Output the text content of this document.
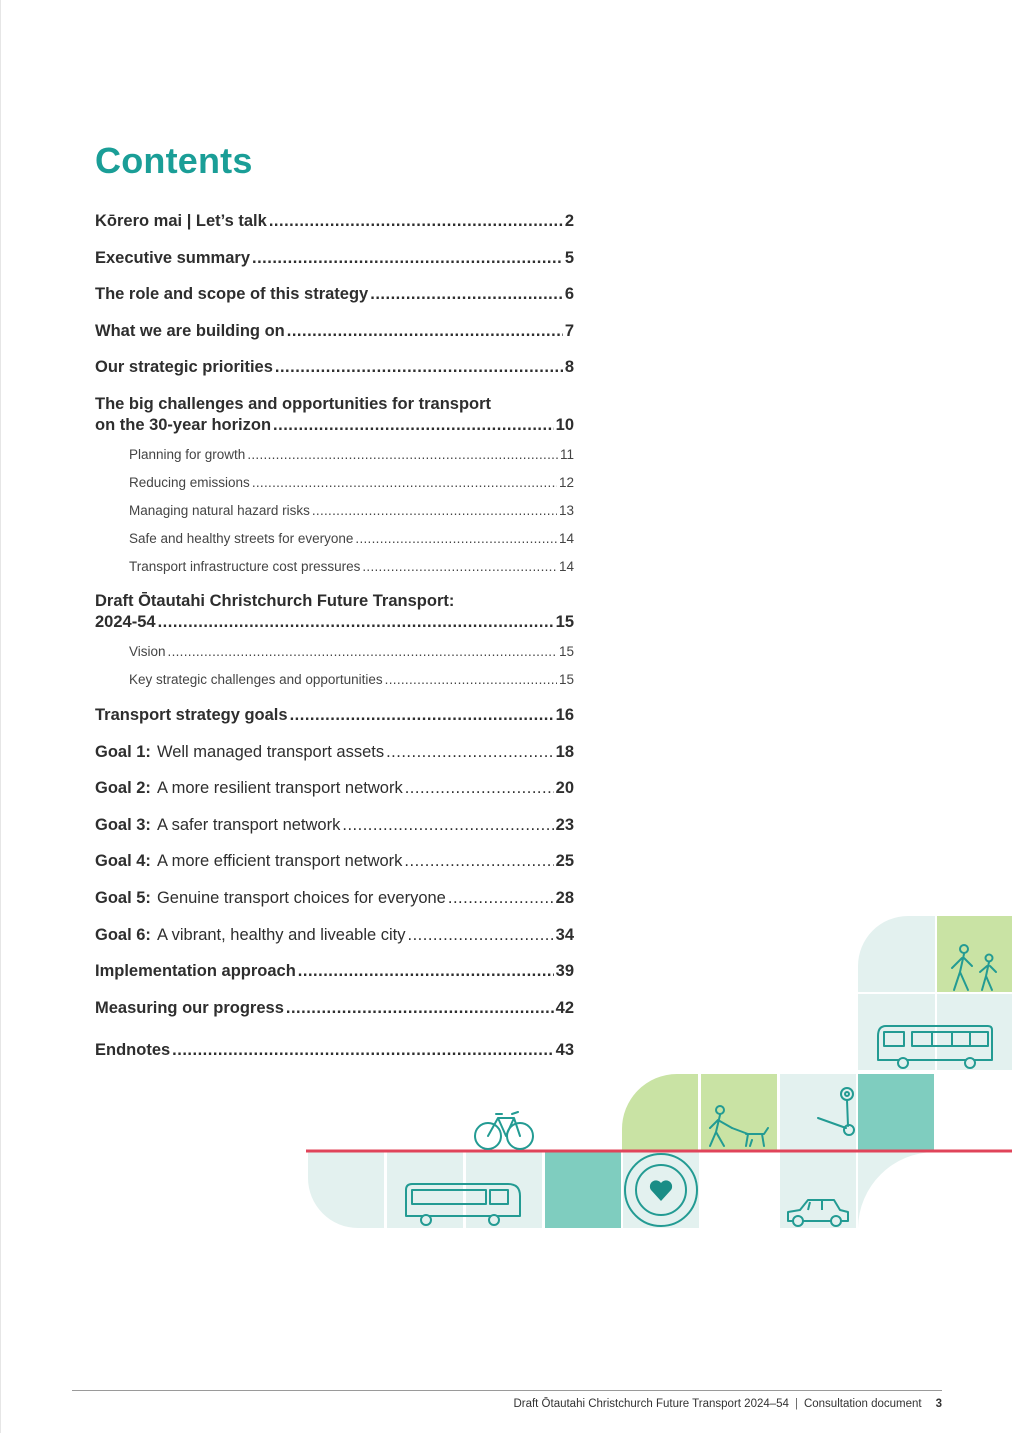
Contents
Kōrero mai | Let’s talk .....	2
Executive summary .....	5
The role and scope of this strategy .....	6
What we are building on .....	7
Our strategic priorities .....	8
The big challenges and opportunities for transport
on the 30-year horizon .....	10
Planning for growth .....	11
Reducing emissions .....	12
Managing natural hazard risks .....	13
Safe and healthy streets for everyone .....	14
Transport infrastructure cost pressures .....	14
Draft Ōtautahi Christchurch Future Transport:
2024-54 .....	15
Vision .....	15
Key strategic challenges and opportunities .....	15
Transport strategy goals .....	16
Goal 1: Well managed transport assets .....	18
Goal 2: A more resilient transport network .....	20
Goal 3: A safer transport network .....	23
Goal 4: A more efficient transport network .....	25
Goal 5: Genuine transport choices for everyone .....	28
Goal 6: A vibrant, healthy and liveable city .....	34
Implementation approach .....	39
Measuring our progress .....	42
Endnotes .....	43
Draft Ōtautahi Christchurch Future Transport 2024–54 | Consultation document 3
